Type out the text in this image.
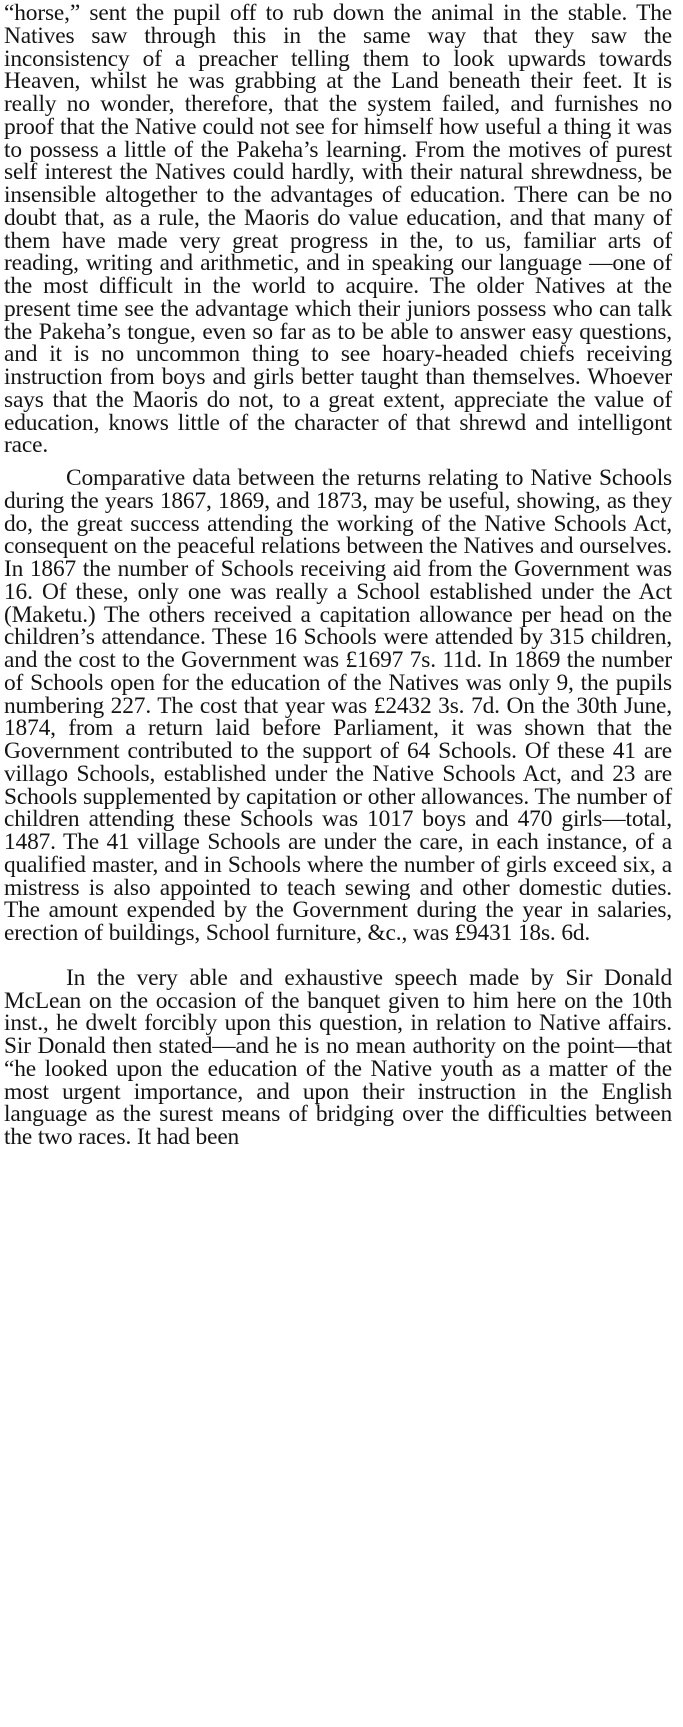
“horse,” sent the pupil off to rub down the animal in the stable. The Natives saw through this in the same way that they saw the inconsistency of a preacher telling them to look upwards towards Heaven, whilst he was grabbing at the Land beneath their feet. It is really no wonder, therefore, that the system failed, and furnishes no proof that the Native could not see for himself how useful a thing it was to possess a little of the Pakeha’s learning. From the motives of purest self interest the Natives could hardly, with their natural shrewdness, be insensible altogether to the advantages of education. There can be no doubt that, as a rule, the Maoris do value education, and that many of them have made very great progress in the, to us, familiar arts of reading, writing and arithmetic, and in speaking our language —one of the most difficult in the world to acquire. The older Natives at the present time see the advantage which their juniors possess who can talk the Pakeha’s tongue, even so far as to be able to answer easy questions, and it is no uncommon thing to see hoary-headed chiefs receiving instruction from boys and girls better taught than themselves. Whoever says that the Maoris do not, to a great extent, appreciate the value of education, knows little of the character of that shrewd and intelligont race.

Comparative data between the returns relating to Native Schools during the years 1867, 1869, and 1873, may be useful, showing, as they do, the great success attending the working of the Native Schools Act, consequent on the peaceful relations between the Natives and ourselves. In 1867 the number of Schools receiving aid from the Government was 16. Of these, only one was really a School established under the Act (Maketu.) The others received a capitation allowance per head on the children’s attendance. These 16 Schools were attended by 315 children, and the cost to the Government was £1697 7s. 11d. In 1869 the number of Schools open for the education of the Natives was only 9, the pupils numbering 227. The cost that year was £2432 3s. 7d. On the 30th June, 1874, from a return laid before Parliament, it was shown that the Government contributed to the support of 64 Schools. Of these 41 are villago Schools, established under the Native Schools Act, and 23 are Schools supplemented by capitation or other allowances. The number of children attending these Schools was 1017 boys and 470 girls—total, 1487. The 41 village Schools are under the care, in each instance, of a qualified master, and in Schools where the number of girls exceed six, a mistress is also appointed to teach sewing and other domestic duties. The amount expended by the Government during the year in salaries, erection of buildings, School furniture, &c., was £9431 18s. 6d.

In the very able and exhaustive speech made by Sir Donald McLean on the occasion of the banquet given to him here on the 10th inst., he dwelt forcibly upon this question, in relation to Native affairs. Sir Donald then stated—and he is no mean authority on the point—that “he looked upon the education of the Native youth as a matter of the most urgent importance, and upon their instruction in the English language as the surest means of bridging over the difficulties between the two races. It had been
